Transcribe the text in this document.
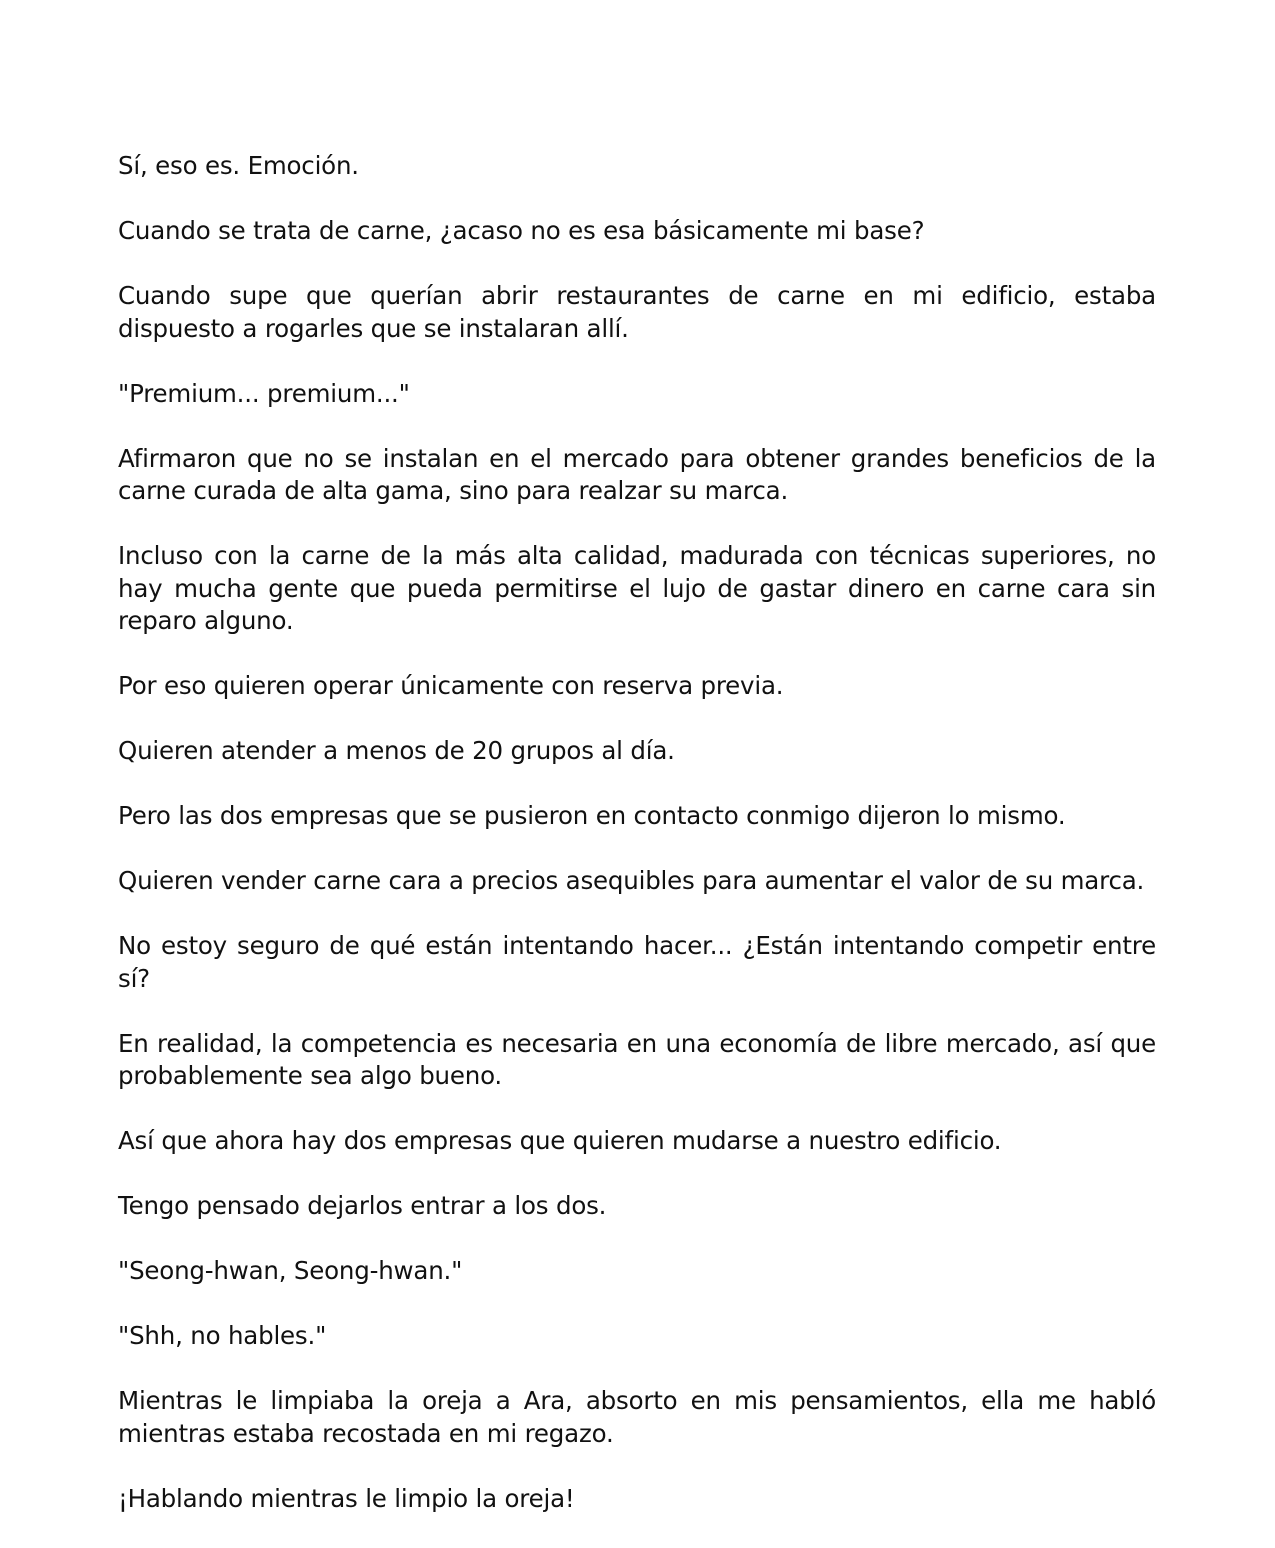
Sí, eso es. Emoción.

Cuando se trata de carne, ¿acaso no es esa básicamente mi base?

Cuando supe que querían abrir restaurantes de carne en mi edificio, estaba dispuesto a rogarles que se instalaran allí.

"Premium... premium..."

Afirmaron que no se instalan en el mercado para obtener grandes beneficios de la carne curada de alta gama, sino para realzar su marca.

Incluso con la carne de la más alta calidad, madurada con técnicas superiores, no hay mucha gente que pueda permitirse el lujo de gastar dinero en carne cara sin reparo alguno.

Por eso quieren operar únicamente con reserva previa.

Quieren atender a menos de 20 grupos al día.

Pero las dos empresas que se pusieron en contacto conmigo dijeron lo mismo.

Quieren vender carne cara a precios asequibles para aumentar el valor de su marca.

No estoy seguro de qué están intentando hacer... ¿Están intentando competir entre sí?

En realidad, la competencia es necesaria en una economía de libre mercado, así que probablemente sea algo bueno.

Así que ahora hay dos empresas que quieren mudarse a nuestro edificio.

Tengo pensado dejarlos entrar a los dos.

"Seong-hwan, Seong-hwan."

"Shh, no hables."

Mientras le limpiaba la oreja a Ara, absorto en mis pensamientos, ella me habló mientras estaba recostada en mi regazo.

¡Hablando mientras le limpio la oreja!
